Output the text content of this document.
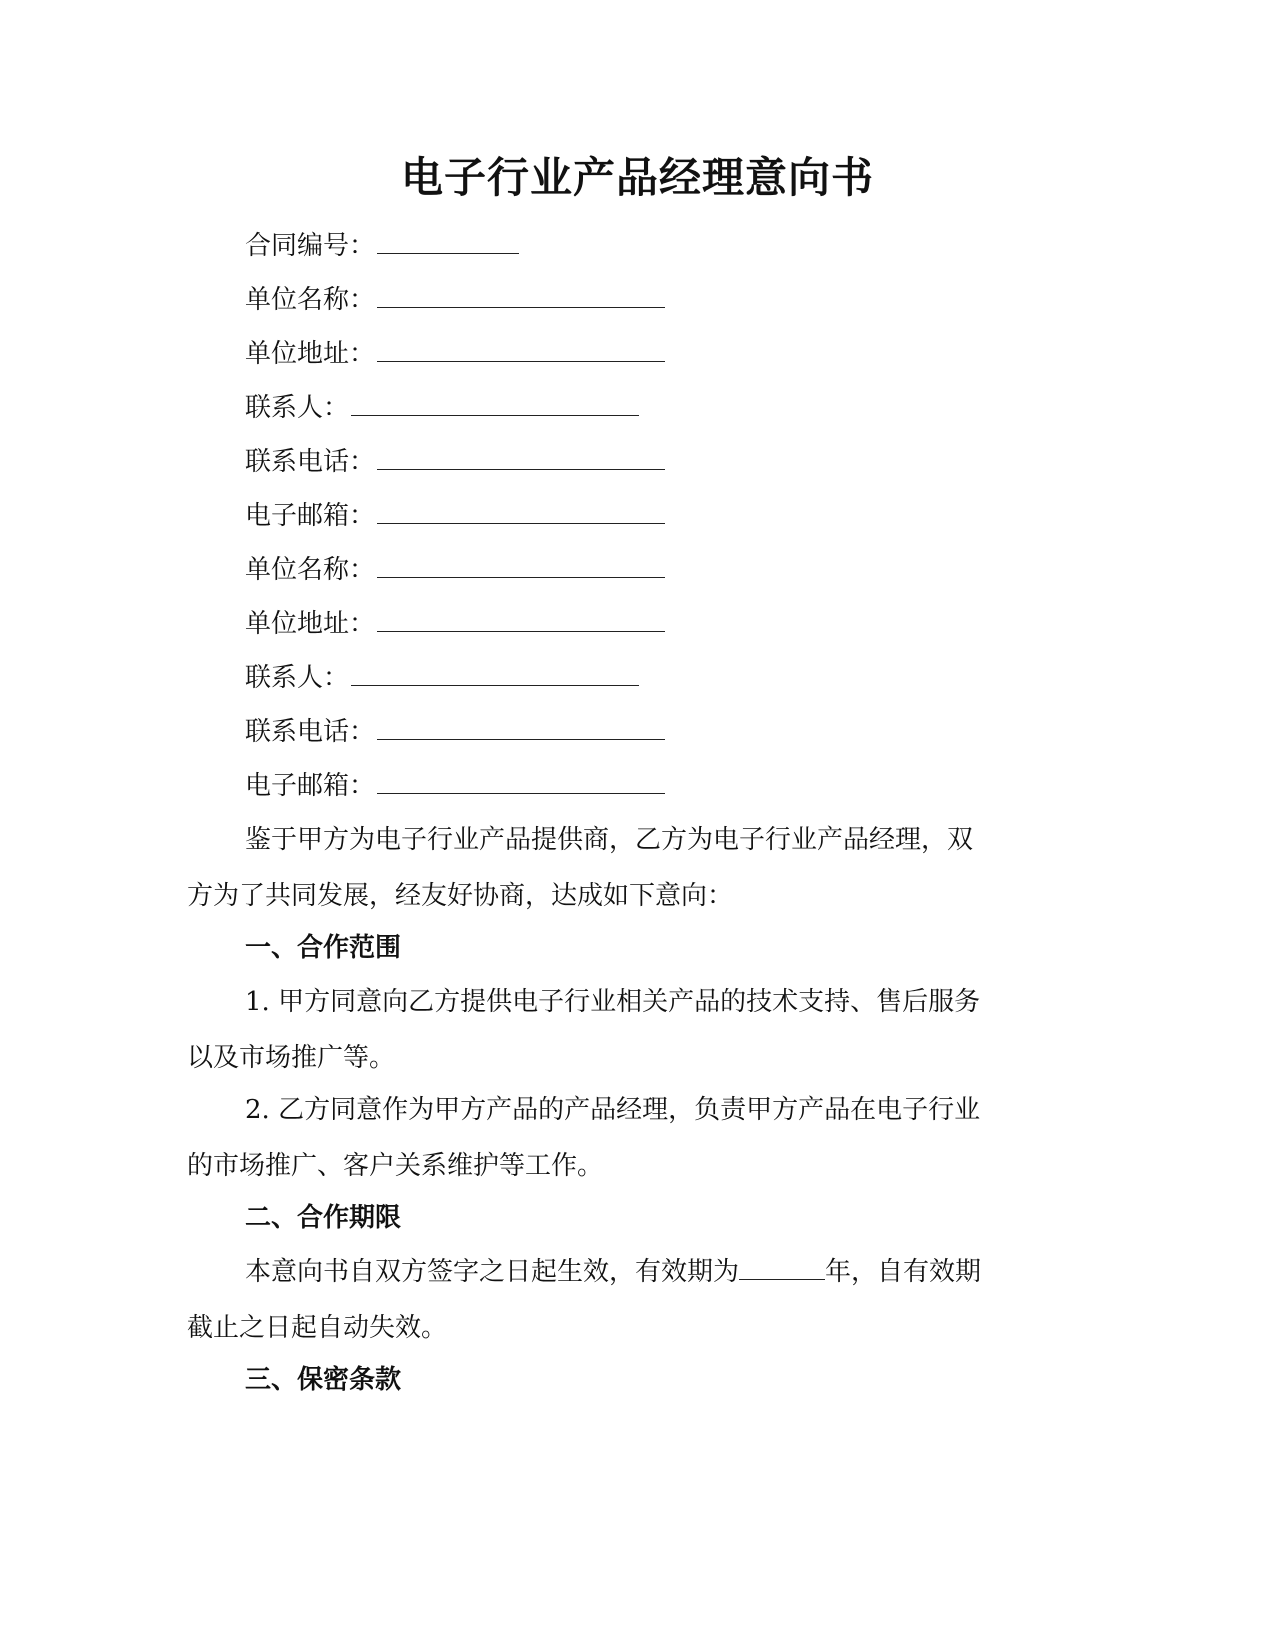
电子行业产品经理意向书
合同编号：
单位名称：
单位地址：
联系人：
联系电话：
电子邮箱：
单位名称：
单位地址：
联系人：
联系电话：
电子邮箱：
鉴于甲方为电子行业产品提供商，乙方为电子行业产品经理，双
方为了共同发展，经友好协商，达成如下意向：
一、合作范围
1. 甲方同意向乙方提供电子行业相关产品的技术支持、售后服务
以及市场推广等。
2. 乙方同意作为甲方产品的产品经理，负责甲方产品在电子行业
的市场推广、客户关系维护等工作。
二、合作期限
本意向书自双方签字之日起生效，有效期为	年，自有效期
截止之日起自动失效。
三、保密条款
